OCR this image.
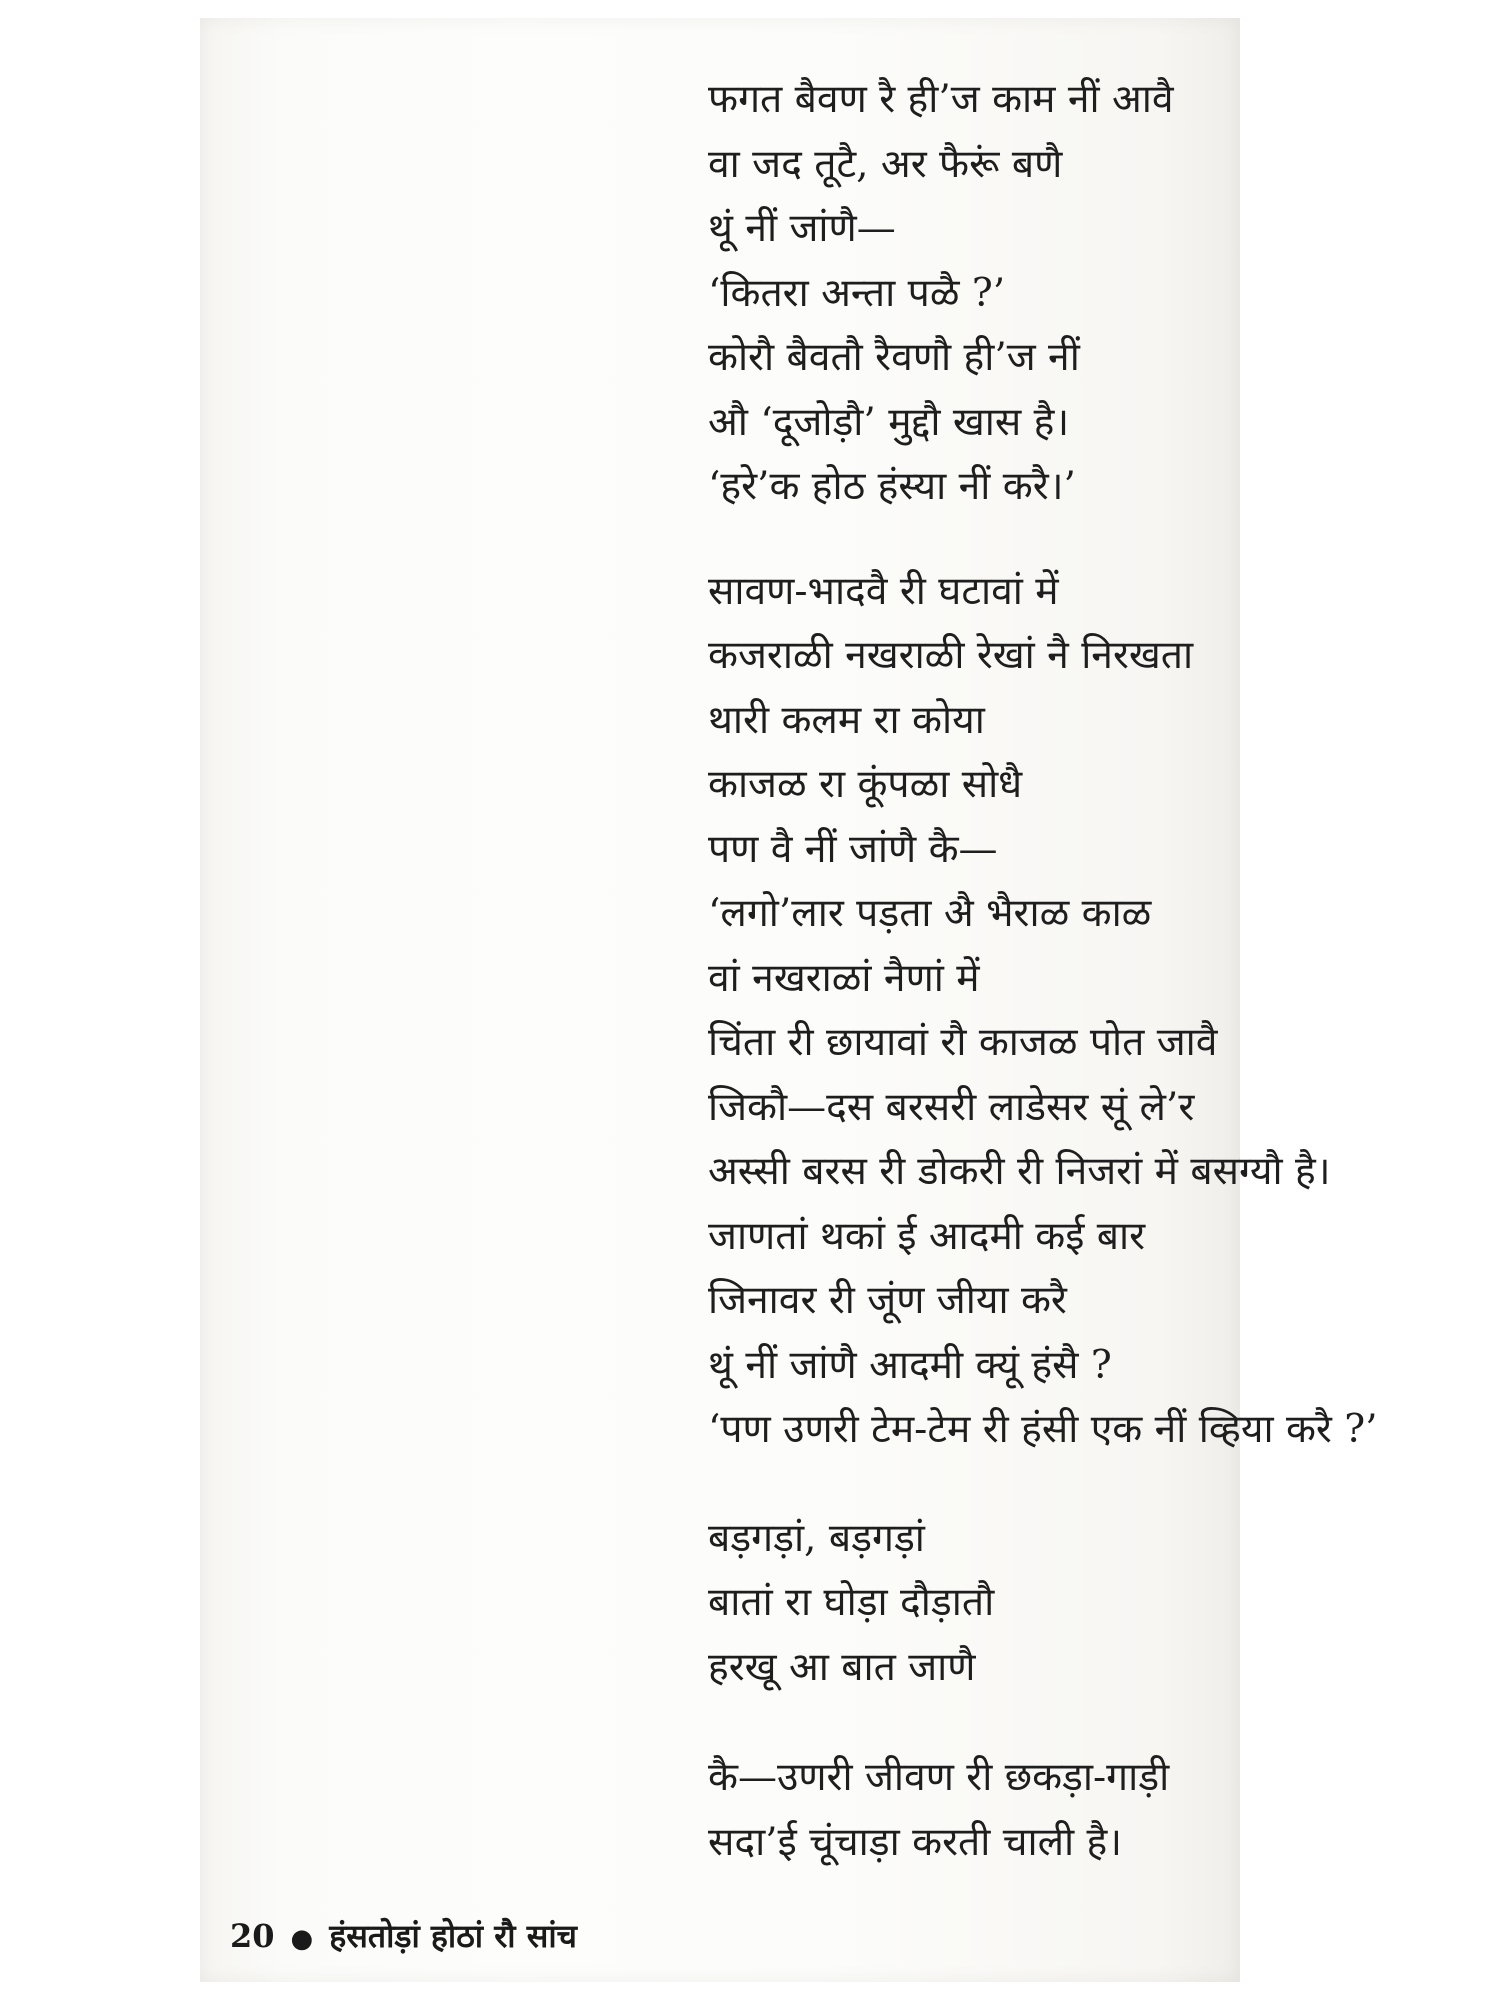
फगत बैवण रै ही’ज काम नीं आवै
वा जद तूटै, अर फैरूं बणै
थूं नीं जांणै—
‘कितरा अन्ता पळै ?’
कोरौ बैवतौ रैवणौ ही’ज नीं
औ ‘दूजोड़ौ’ मुद्दौ खास है।
‘हरे’क होठ हंस्या नीं करै।’
सावण-भादवै री घटावां में
कजराळी नखराळी रेखां नै निरखता
थारी कलम रा कोया
काजळ रा कूंपळा सोधै
पण वै नीं जांणै कै—
‘लगो’लार पड़ता अै भैराळ काळ
वां नखराळां नैणां में
चिंता री छायावां रौ काजळ पोत जावै
जिकौ—दस बरसरी लाडेसर सूं ले’र
अस्सी बरस री डोकरी री निजरां में बसग्यौ है।
जाणतां थकां ई आदमी कई बार
जिनावर री जूंण जीया करै
थूं नीं जांणै आदमी क्यूं हंसै ?
‘पण उणरी टेम-टेम री हंसी एक नीं व्हिया करै ?’
बड़गड़ां, बड़गड़ां
बातां रा घोड़ा दौड़ातौ
हरखू आ बात जाणै
कै—उणरी जीवण री छकड़ा-गाड़ी
सदा’ई चूंचाड़ा करती चाली है।
20 ● हंसतोड़ां होठां रौ सांच
